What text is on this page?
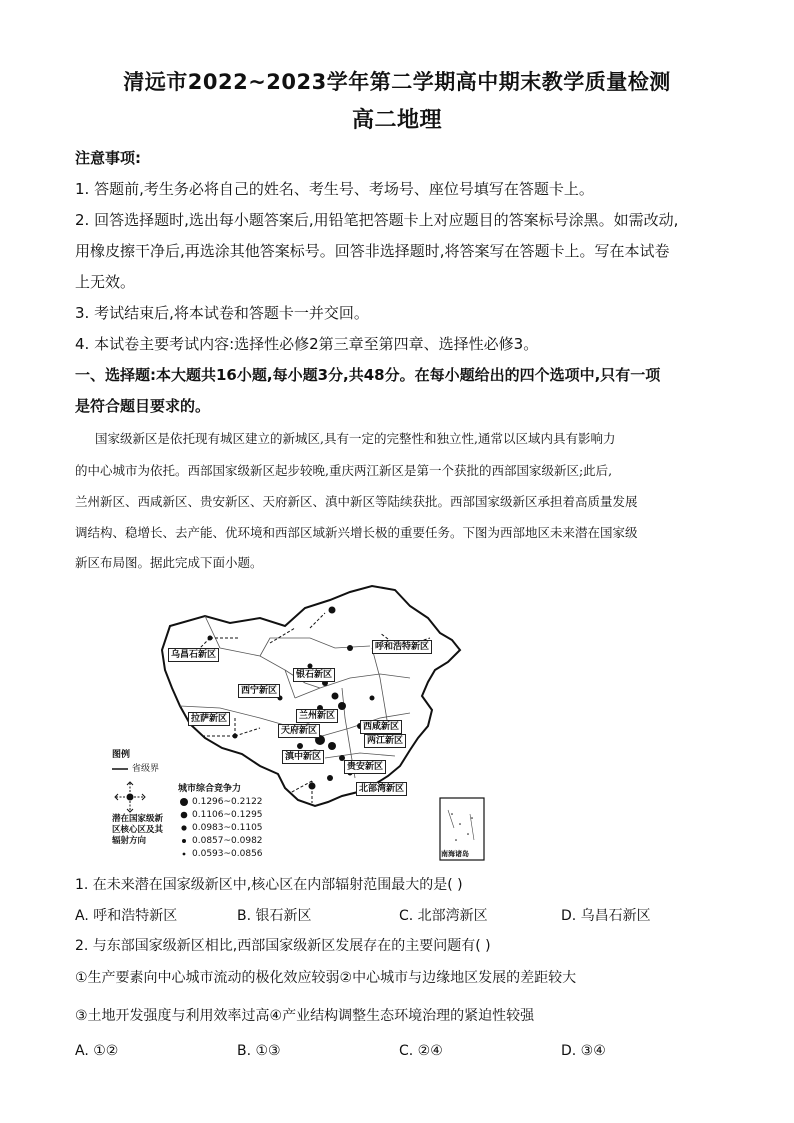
清远市2022~2023学年第二学期高中期末教学质量检测
高二地理
注意事项:
1. 答题前,考生务必将自己的姓名、考生号、考场号、座位号填写在答题卡上。
2. 回答选择题时,选出每小题答案后,用铅笔把答题卡上对应题目的答案标号涂黑。如需改动,
用橡皮擦干净后,再选涂其他答案标号。回答非选择题时,将答案写在答题卡上。写在本试卷
上无效。
3. 考试结束后,将本试卷和答题卡一并交回。
4. 本试卷主要考试内容:选择性必修2第三章至第四章、选择性必修3。
一、选择题:本大题共16小题,每小题3分,共48分。在每小题给出的四个选项中,只有一项
是符合题目要求的。
国家级新区是依托现有城区建立的新城区,具有一定的完整性和独立性,通常以区域内具有影响力
的中心城市为依托。西部国家级新区起步较晚,重庆两江新区是第一个获批的西部国家级新区;此后,
兰州新区、西咸新区、贵安新区、天府新区、滇中新区等陆续获批。西部国家级新区承担着高质量发展
调结构、稳增长、去产能、优环境和西部区域新兴增长极的重要任务。下图为西部地区未来潜在国家级
新区布局图。据此完成下面小题。
乌昌石新区
呼和浩特新区
银石新区
西宁新区
拉萨新区	兰州新区
西咸新区
天府新区
两江新区
滇中新区
贵安新区
北部湾新区
南海诸岛
图例
省级界
潜在国家级新
区核心区及其
辐射方向
城市综合竞争力
0.1296~0.2122
0.1106~0.1295
0.0983~0.1105
0.0857~0.0982
0.0593~0.0856
1. 在未来潜在国家级新区中,核心区在内部辐射范围最大的是( )
A. 呼和浩特新区	B. 银石新区	C. 北部湾新区	D. 乌昌石新区
2. 与东部国家级新区相比,西部国家级新区发展存在的主要问题有( )
①生产要素向中心城市流动的极化效应较弱②中心城市与边缘地区发展的差距较大
③土地开发强度与利用效率过高④产业结构调整生态环境治理的紧迫性较强
A. ①②	B. ①③	C. ②④	D. ③④
